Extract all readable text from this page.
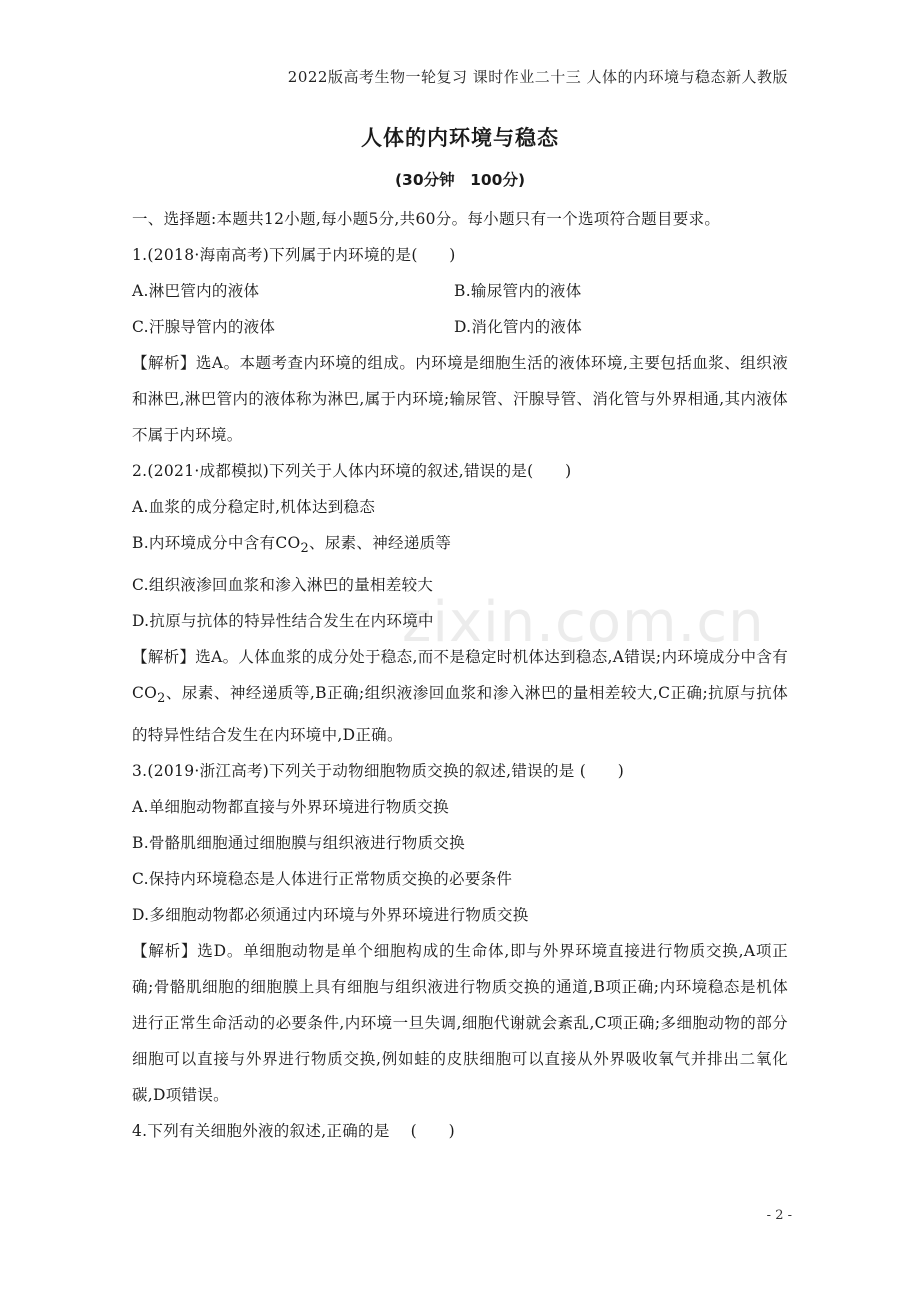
2022版高考生物一轮复习 课时作业二十三 人体的内环境与稳态新人教版
人体的内环境与稳态
(30分钟　100分)
zixin.com.cn

一、选择题:本题共12小题,每小题5分,共60分。每小题只有一个选项符合题目要求。

1.(2018·海南高考)下列属于内环境的是(　　)

A.淋巴管内的液体	B.输尿管内的液体
C.汗腺导管内的液体	D.消化管内的液体

【解析】选A。本题考查内环境的组成。内环境是细胞生活的液体环境,主要包括血浆、组织液和淋巴,淋巴管内的液体称为淋巴,属于内环境;输尿管、汗腺导管、消化管与外界相通,其内液体不属于内环境。

2.(2021·成都模拟)下列关于人体内环境的叙述,错误的是(　　)

A.血浆的成分稳定时,机体达到稳态

B.内环境成分中含有$CO_2$、尿素、神经递质等

C.组织液渗回血浆和渗入淋巴的量相差较大

D.抗原与抗体的特异性结合发生在内环境中

【解析】选A。人体血浆的成分处于稳态,而不是稳定时机体达到稳态,A错误;内环境成分中含有$CO_2$、尿素、神经递质等,B正确;组织液渗回血浆和渗入淋巴的量相差较大,C正确;抗原与抗体的特异性结合发生在内环境中,D正确。

3.(2019·浙江高考)下列关于动物细胞物质交换的叙述,错误的是 (　　)

A.单细胞动物都直接与外界环境进行物质交换

B.骨骼肌细胞通过细胞膜与组织液进行物质交换

C.保持内环境稳态是人体进行正常物质交换的必要条件

D.多细胞动物都必须通过内环境与外界环境进行物质交换

【解析】选D。单细胞动物是单个细胞构成的生命体,即与外界环境直接进行物质交换,A项正确;骨骼肌细胞的细胞膜上具有细胞与组织液进行物质交换的通道,B项正确;内环境稳态是机体进行正常生命活动的必要条件,内环境一旦失调,细胞代谢就会紊乱,C项正确;多细胞动物的部分细胞可以直接与外界进行物质交换,例如蛙的皮肤细胞可以直接从外界吸收氧气并排出二氧化碳,D项错误。

4.下列有关细胞外液的叙述,正确的是　 (　　)

- 2 -
